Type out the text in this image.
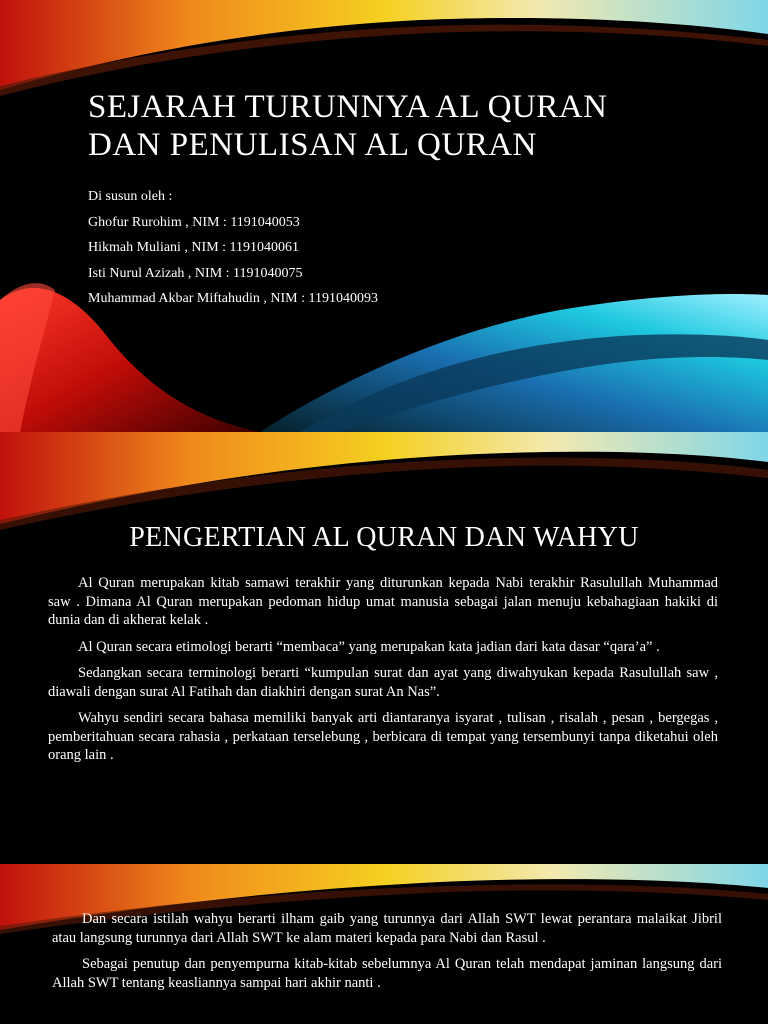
SEJARAH TURUNNYA AL QURAN
DAN PENULISAN AL QURAN
Di susun oleh :
Ghofur Rurohim , NIM : 1191040053
Hikmah Muliani , NIM : 1191040061
Isti Nurul Azizah , NIM : 1191040075
Muhammad Akbar Miftahudin , NIM : 1191040093
PENGERTIAN AL QURAN DAN WAHYU

Al Quran merupakan kitab samawi terakhir yang diturunkan kepada Nabi terakhir Rasulullah Muhammad saw . Dimana Al Quran merupakan pedoman hidup umat manusia sebagai jalan menuju kebahagiaan hakiki di dunia dan di akherat kelak .

Al Quran secara etimologi berarti “membaca” yang merupakan kata jadian dari kata dasar “qara’a” .

Sedangkan secara terminologi berarti “kumpulan surat dan ayat yang diwahyukan kepada Rasulullah saw , diawali dengan surat Al Fatihah dan diakhiri dengan surat An Nas”.

Wahyu sendiri secara bahasa memiliki banyak arti diantaranya isyarat , tulisan , risalah , pesan , bergegas , pemberitahuan secara rahasia , perkataan terselebung , berbicara di tempat yang tersembunyi tanpa diketahui oleh orang lain .

Dan secara istilah wahyu berarti ilham gaib yang turunnya dari Allah SWT lewat perantara malaikat Jibril atau langsung turunnya dari Allah SWT ke alam materi kepada para Nabi dan Rasul .

Sebagai penutup dan penyempurna kitab-kitab sebelumnya Al Quran telah mendapat jaminan langsung dari Allah SWT tentang keasliannya sampai hari akhir nanti .
